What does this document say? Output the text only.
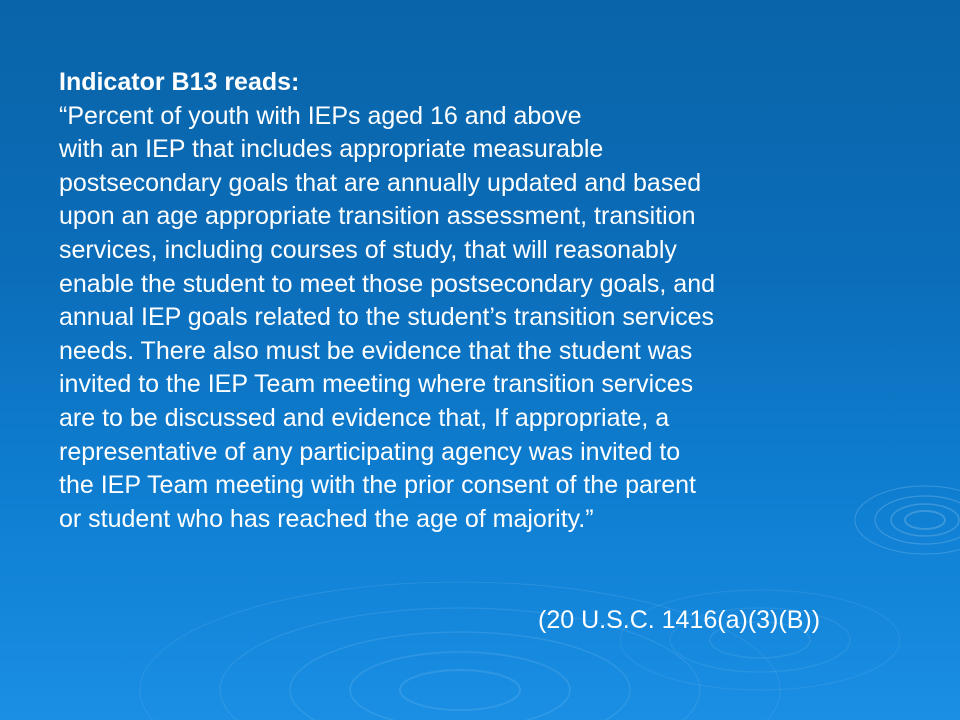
Indicator B13 reads:

“Percent of youth with IEPs aged 16 and above

with an IEP that includes appropriate measurable

postsecondary goals that are annually updated and based

upon an age appropriate transition assessment, transition

services, including courses of study, that will reasonably

enable the student to meet those postsecondary goals, and

annual IEP goals related to the student’s transition services

needs. There also must be evidence that the student was

invited to the IEP Team meeting where transition services

are to be discussed and evidence that, If appropriate, a

representative of any participating agency was invited to

the IEP Team meeting with the prior consent of the parent

or student who has reached the age of majority.”

(20 U.S.C. 1416(a)(3)(B))
